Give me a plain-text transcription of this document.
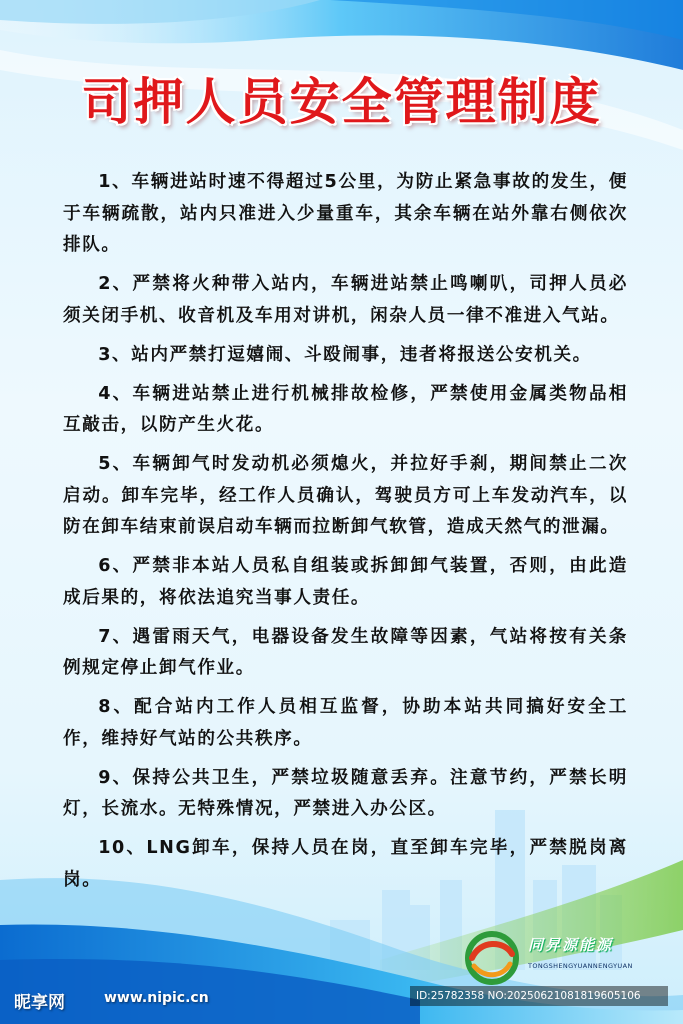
司押人员安全管理制度

1、车辆进站时速不得超过5公里，为防止紧急事故的发生，便于车辆疏散，站内只准进入少量重车，其余车辆在站外靠右侧依次排队。

2、严禁将火种带入站内，车辆进站禁止鸣喇叭，司押人员必须关闭手机、收音机及车用对讲机，闲杂人员一律不准进入气站。

3、站内严禁打逗嬉闹、斗殴闹事，违者将报送公安机关。

4、车辆进站禁止进行机械排故检修，严禁使用金属类物品相互敲击，以防产生火花。

5、车辆卸气时发动机必须熄火，并拉好手刹，期间禁止二次启动。卸车完毕，经工作人员确认，驾驶员方可上车发动汽车，以防在卸车结束前误启动车辆而拉断卸气软管，造成天然气的泄漏。

6、严禁非本站人员私自组装或拆卸卸气装置，否则，由此造成后果的，将依法追究当事人责任。

7、遇雷雨天气，电器设备发生故障等因素，气站将按有关条例规定停止卸气作业。

8、配合站内工作人员相互监督，协助本站共同搞好安全工作，维持好气站的公共秩序。

9、保持公共卫生，严禁垃圾随意丢弃。注意节约，严禁长明灯，长流水。无特殊情况，严禁进入办公区。

10、LNG卸车，保持人员在岗，直至卸车完毕，严禁脱岗离岗。

同昇源能源
TONGSHENGYUANNENGYUAN
昵享网	www.nipic.cn	ID:25782358 NO:20250621081819605106
